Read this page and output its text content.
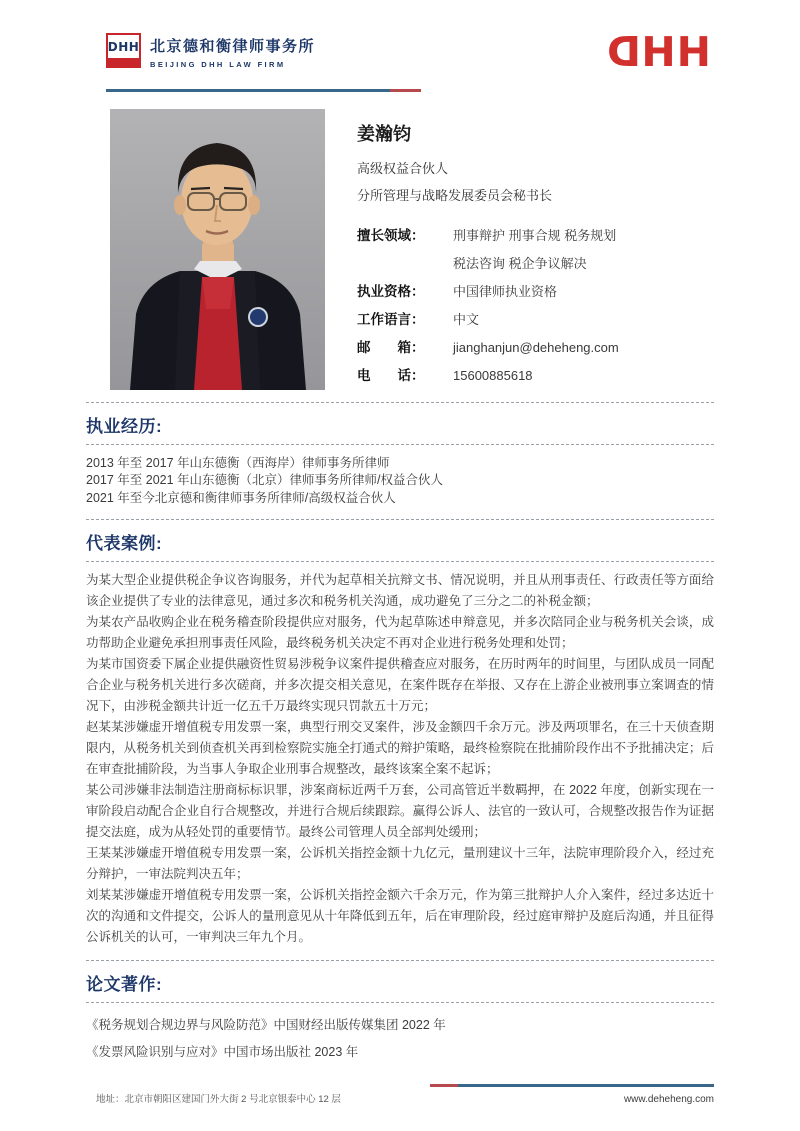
DHH 北京德和衡律师事务所
BEIJING DHH LAW FIRM	DHH
姜瀚钧
高级权益合伙人
分所管理与战略发展委员会秘书长
擅长领域：	刑事辩护 刑事合规 税务规划
税法咨询 税企争议解决
执业资格：	中国律师执业资格
工作语言：	中文
邮　　箱：	jianghanjun@deheheng.com
电　　话：	15600885618
执业经历:
2013 年至 2017 年山东德衡（西海岸）律师事务所律师
2017 年至 2021 年山东德衡（北京）律师事务所律师/权益合伙人
2021 年至今北京德和衡律师事务所律师/高级权益合伙人
代表案例:
为某大型企业提供税企争议咨询服务，并代为起草相关抗辩文书、情况说明，并且从刑事责任、行政责任等方面给该企业提供了专业的法律意见，通过多次和税务机关沟通，成功避免了三分之二的补税金额；
为某农产品收购企业在税务稽查阶段提供应对服务，代为起草陈述申辩意见，并多次陪同企业与税务机关会谈，成功帮助企业避免承担刑事责任风险，最终税务机关决定不再对企业进行税务处理和处罚；
为某市国资委下属企业提供融资性贸易涉税争议案件提供稽查应对服务，在历时两年的时间里，与团队成员一同配合企业与税务机关进行多次磋商，并多次提交相关意见，在案件既存在举报、又存在上游企业被刑事立案调查的情况下，由涉税金额共计近一亿五千万最终实现只罚款五十万元；
赵某某涉嫌虚开增值税专用发票一案，典型行刑交叉案件，涉及金额四千余万元。涉及两项罪名，在三十天侦查期限内，从税务机关到侦查机关再到检察院实施全打通式的辩护策略，最终检察院在批捕阶段作出不予批捕决定；后在审查批捕阶段，为当事人争取企业刑事合规整改，最终该案全案不起诉；
某公司涉嫌非法制造注册商标标识罪，涉案商标近两千万套，公司高管近半数羁押，在 2022 年度，创新实现在一审阶段启动配合企业自行合规整改，并进行合规后续跟踪。赢得公诉人、法官的一致认可，合规整改报告作为证据提交法庭，成为从轻处罚的重要情节。最终公司管理人员全部判处缓刑；
王某某涉嫌虚开增值税专用发票一案，公诉机关指控金额十九亿元，量刑建议十三年，法院审理阶段介入，经过充分辩护，一审法院判决五年；
刘某某涉嫌虚开增值税专用发票一案，公诉机关指控金额六千余万元，作为第三批辩护人介入案件，经过多达近十次的沟通和文件提交，公诉人的量刑意见从十年降低到五年，后在审理阶段，经过庭审辩护及庭后沟通，并且征得公诉机关的认可，一审判决三年九个月。
论文著作:
《税务规划合规边界与风险防范》中国财经出版传媒集团 2022 年
《发票风险识别与应对》中国市场出版社 2023 年
地址：北京市朝阳区建国门外大街 2 号北京银泰中心 12 层	www.deheheng.com
